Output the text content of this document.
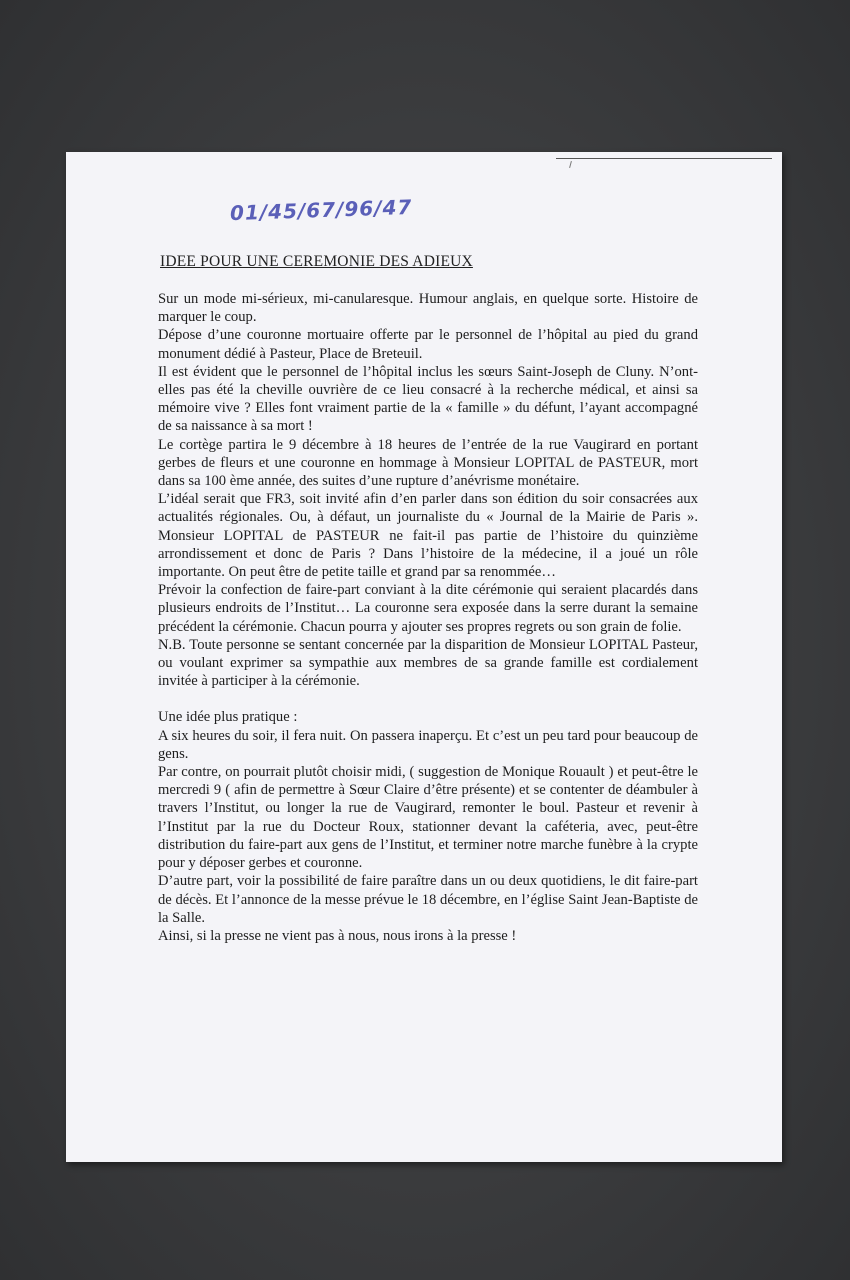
01/45/67/96/47
IDEE POUR UNE CEREMONIE DES ADIEUX

Sur un mode mi-sérieux, mi-canularesque. Humour anglais, en quelque sorte. Histoire de marquer le coup.

Dépose d’une couronne mortuaire offerte par le personnel de l’hôpital au pied du grand monument dédié à Pasteur, Place de Breteuil.

Il est évident que le personnel de l’hôpital inclus les sœurs Saint-Joseph de Cluny. N’ont-elles pas été la cheville ouvrière de ce lieu consacré à la recherche médical, et ainsi sa mémoire vive ? Elles font vraiment partie de la « famille » du défunt, l’ayant accompagné de sa naissance à sa mort !

Le cortège partira le 9 décembre à 18 heures de l’entrée de la rue Vaugirard en portant gerbes de fleurs et une couronne en hommage à Monsieur LOPITAL de PASTEUR, mort dans sa 100 ème année, des suites d’une rupture d’anévrisme monétaire.

L’idéal serait que FR3, soit invité afin d’en parler dans son édition du soir consacrées aux actualités régionales. Ou, à défaut, un journaliste du « Journal de la Mairie de Paris ». Monsieur LOPITAL de PASTEUR ne fait-il pas partie de l’histoire du quinzième arrondissement et donc de Paris ? Dans l’histoire de la médecine, il a joué un rôle importante. On peut être de petite taille et grand par sa renommée…

Prévoir la confection de faire-part conviant à la dite cérémonie qui seraient placardés dans plusieurs endroits de l’Institut… La couronne sera exposée dans la serre durant la semaine précédent la cérémonie. Chacun pourra y ajouter ses propres regrets ou son grain de folie.

N.B. Toute personne se sentant concernée par la disparition de Monsieur LOPITAL Pasteur, ou voulant exprimer sa sympathie aux membres de sa grande famille est cordialement invitée à participer à la cérémonie.

Une idée plus pratique :

A six heures du soir, il fera nuit. On passera inaperçu. Et c’est un peu tard pour beaucoup de gens.

Par contre, on pourrait plutôt choisir midi, ( suggestion de Monique Rouault ) et peut-être le mercredi 9 ( afin de permettre à Sœur Claire d’être présente) et se contenter de déambuler à travers l’Institut, ou longer la rue de Vaugirard, remonter le boul. Pasteur et revenir à l’Institut par la rue du Docteur Roux, stationner devant la caféteria, avec, peut-être distribution du faire-part aux gens de l’Institut, et terminer notre marche funèbre à la crypte pour y déposer gerbes et couronne.

D’autre part, voir la possibilité de faire paraître dans un ou deux quotidiens, le dit faire-part de décès. Et l’annonce de la messe prévue le 18 décembre, en l’église Saint Jean-Baptiste de la Salle.

Ainsi, si la presse ne vient pas à nous, nous irons à la presse !
